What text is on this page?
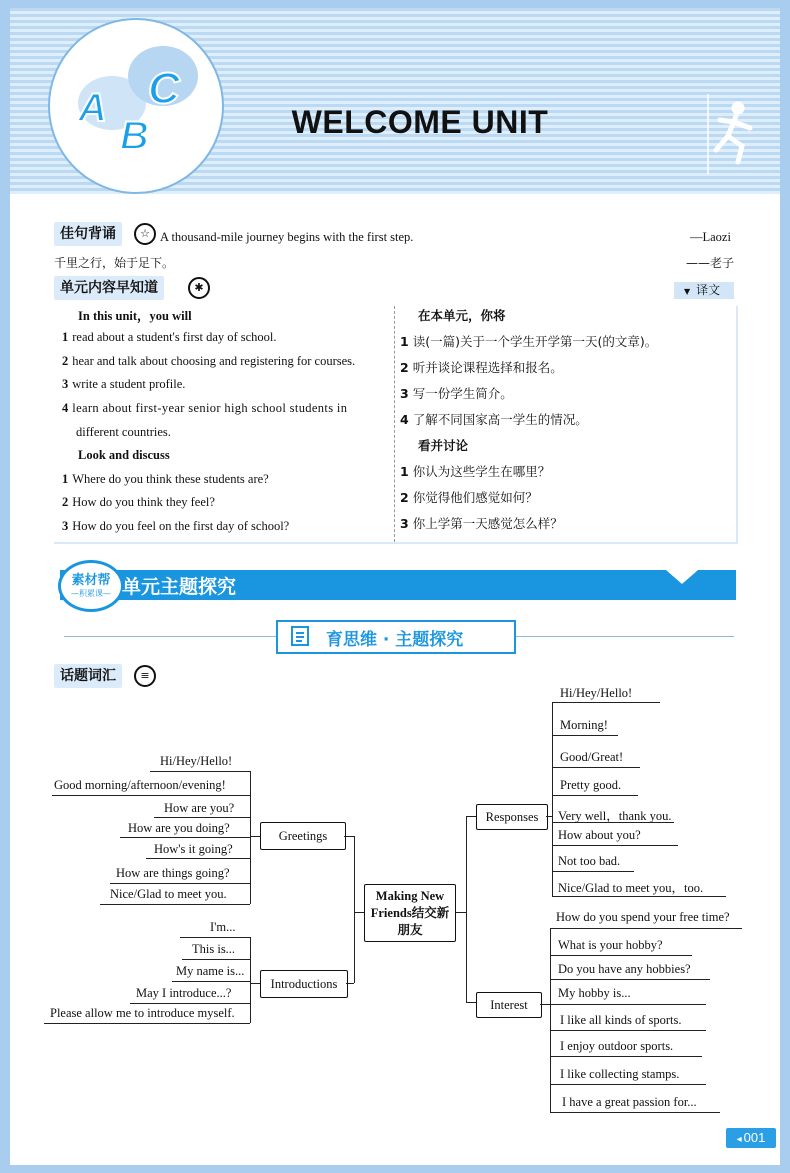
A
B
C
WELCOME UNIT
佳句背诵	☆ A thousand-mile journey begins with the first step.	—Laozi
千里之行，始于足下。	——老子
单元内容早知道	✱	▼ 译文
In this unit，you will
1 read about a student's first day of school.
2 hear and talk about choosing and registering for courses.
3 write a student profile.
4 learn about first-year senior high school students in
different countries.
Look and discuss
1 Where do you think these students are?
2 How do you think they feel?
3 How do you feel on the first day of school?
在本单元，你将
1 读(一篇)关于一个学生开学第一天(的文章)。
2 听并谈论课程选择和报名。
3 写一份学生简介。
4 了解不同国家高一学生的情况。
看并讨论
1 你认为这些学生在哪里？
2 你觉得他们感觉如何？
3 你上学第一天感觉怎么样？
素材帮
—积累课— 单元主题探究
育思维 · 主题探究
话题词汇	≡
Hi/Hey/Hello!
Good morning/afternoon/evening!
How are you?
How are you doing?
How's it going?
How are things going?
Nice/Glad to meet you.
Greetings
I'm...
This is...
My name is...
May I introduce...?
Please allow me to introduce myself.
Introductions
Making New Friends结交新朋友
Responses
Hi/Hey/Hello!
Morning!
Good/Great!
Pretty good.
Very well，thank you.
How about you?
Not too bad.
Nice/Glad to meet you，too.
Interest
How do you spend your free time?
What is your hobby?
Do you have any hobbies?
My hobby is...
I like all kinds of sports.
I enjoy outdoor sports.
I like collecting stamps.
I have a great passion for...
◂ 001
